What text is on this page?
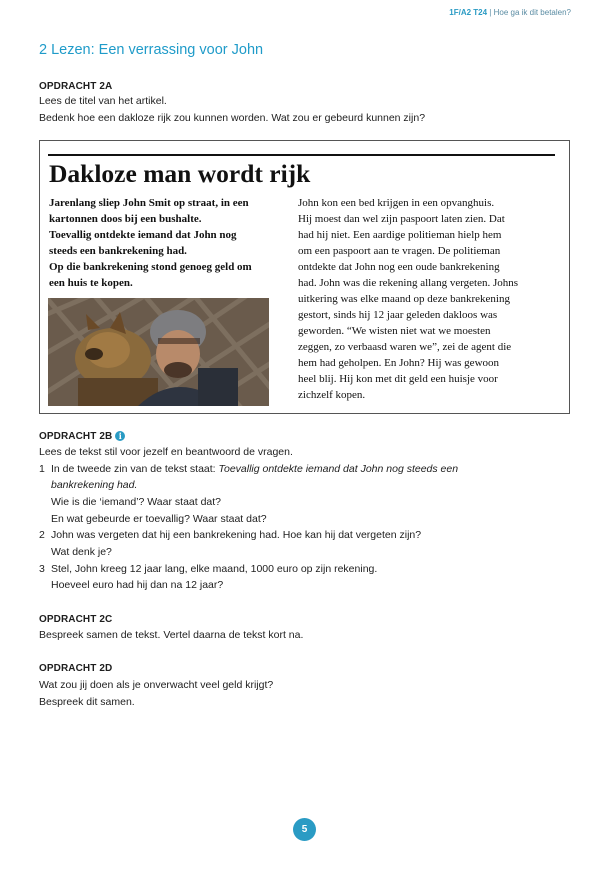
1F/A2 T24 | Hoe ga ik dit betalen?
2 Lezen: Een verrassing voor John
OPDRACHT 2A
Lees de titel van het artikel.
Bedenk hoe een dakloze rijk zou kunnen worden. Wat zou er gebeurd kunnen zijn?
Dakloze man wordt rijk
Jarenlang sliep John Smit op straat, in een
kartonnen doos bij een bushalte.
Toevallig ontdekte iemand dat John nog
steeds een bankrekening had.
Op die bankrekening stond genoeg geld om
een huis te kopen.
John kon een bed krijgen in een opvanghuis.
Hij moest dan wel zijn paspoort laten zien. Dat
had hij niet. Een aardige politieman hielp hem
om een paspoort aan te vragen. De politieman
ontdekte dat John nog een oude bankrekening
had. John was die rekening allang vergeten. Johns
uitkering was elke maand op deze bankrekening
gestort, sinds hij 12 jaar geleden dakloos was
geworden. “We wisten niet wat we moesten
zeggen, zo verbaasd waren we”, zei de agent die
hem had geholpen. En John? Hij was gewoon
heel blij. Hij kon met dit geld een huisje voor
zichzelf kopen.
OPDRACHT 2B i
Lees de tekst stil voor jezelf en beantwoord de vragen.
1 In de tweede zin van de tekst staat: Toevallig ontdekte iemand dat John nog steeds een
bankrekening had.
Wie is die ‘iemand’? Waar staat dat?
En wat gebeurde er toevallig? Waar staat dat?
2 John was vergeten dat hij een bankrekening had. Hoe kan hij dat vergeten zijn?
Wat denk je?
3 Stel, John kreeg 12 jaar lang, elke maand, 1000 euro op zijn rekening.
Hoeveel euro had hij dan na 12 jaar?
OPDRACHT 2C
Bespreek samen de tekst. Vertel daarna de tekst kort na.
OPDRACHT 2D
Wat zou jij doen als je onverwacht veel geld krijgt?
Bespreek dit samen.
5
